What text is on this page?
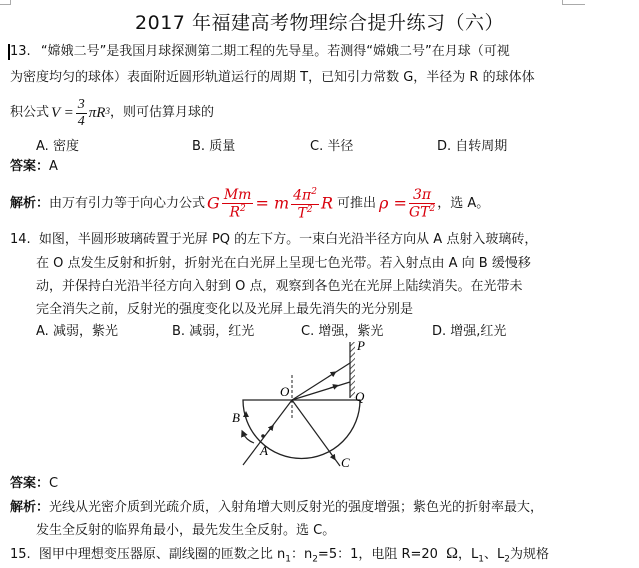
2017 年福建高考物理综合提升练习（六）
13. “嫦娥二号”是我国月球探测第二期工程的先导星。若测得“嫦娥二号”在月球（可视
为密度均匀的球体）表面附近圆形轨道运行的周期 T，已知引力常数 G，半径为 R 的球体体
积公式 $V = \frac{3}{4}$ πR 3 ，则可估算月球的
A. 密度	B. 质量	C. 半径	D. 自转周期
答案：A
解析 ： 由万有引力等于向心力公式 G $\frac{Mm}{R^2} = m \frac{4\pi^2}{T^2}$ R 可推出 $\rho = \frac{3\pi}{GT^2}$ ，选 A。
14. 如图，半圆形玻璃砖置于光屏 PQ 的左下方。一束白光沿半径方向从 A 点射入玻璃砖，
在 O 点发生反射和折射，折射光在白光屏上呈现七色光带。若入射点由 A 向 B 缓慢移
动，并保持白光沿半径方向入射到 O 点，观察到各色光在光屏上陆续消失。在光带未
完全消失之前，反射光的强度变化以及光屏上最先消失的光分别是
A. 减弱，紫光	B. 减弱，红光	C. 增强，紫光	D. 增强,红光
P
Q
O
B
A
C
答案：C
解析：光线从光密介质到光疏介质，入射角增大则反射光的强度增强；紫色光的折射率最大，
发生全反射的临界角最小，最先发生全反射。选 C。
15. 图甲中理想变压器原、副线圈的匝数之比 $n_1$：$n_2=5$：1，电阻 R=20 Ω，$L_1$、$L_2$为规格
